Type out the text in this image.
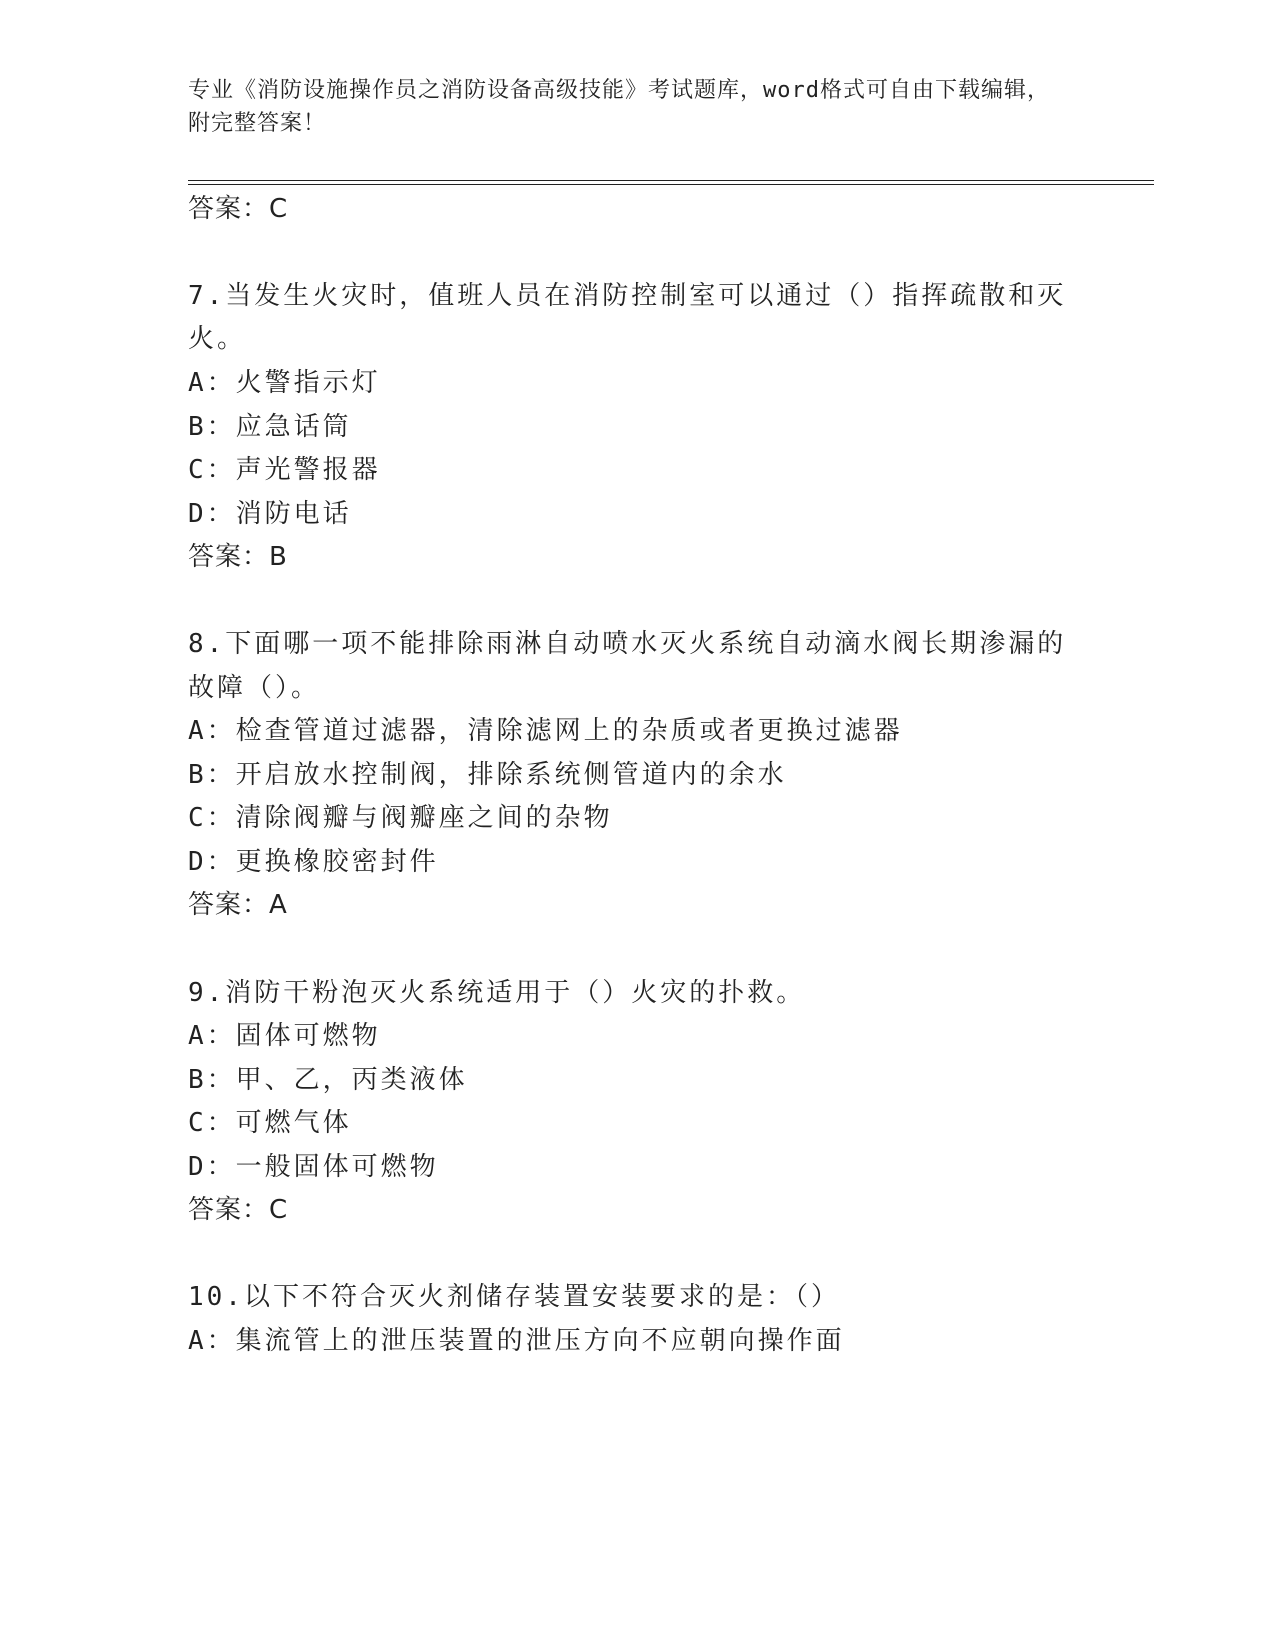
专业《消防设施操作员之消防设备高级技能》考试题库，word格式可自由下载编辑，附完整答案！
答案：C
7.当发生火灾时，值班人员在消防控制室可以通过（）指挥疏散和灭
火。
A：火警指示灯
B：应急话筒
C：声光警报器
D：消防电话
答案：B
8.下面哪一项不能排除雨淋自动喷水灭火系统自动滴水阀长期渗漏的
故障（）。
A：检查管道过滤器，清除滤网上的杂质或者更换过滤器
B：开启放水控制阀，排除系统侧管道内的余水
C：清除阀瓣与阀瓣座之间的杂物
D：更换橡胶密封件
答案：A
9.消防干粉泡灭火系统适用于（）火灾的扑救。
A：固体可燃物
B：甲、乙，丙类液体
C：可燃气体
D：一般固体可燃物
答案：C
10.以下不符合灭火剂储存装置安装要求的是：（）
A：集流管上的泄压装置的泄压方向不应朝向操作面
